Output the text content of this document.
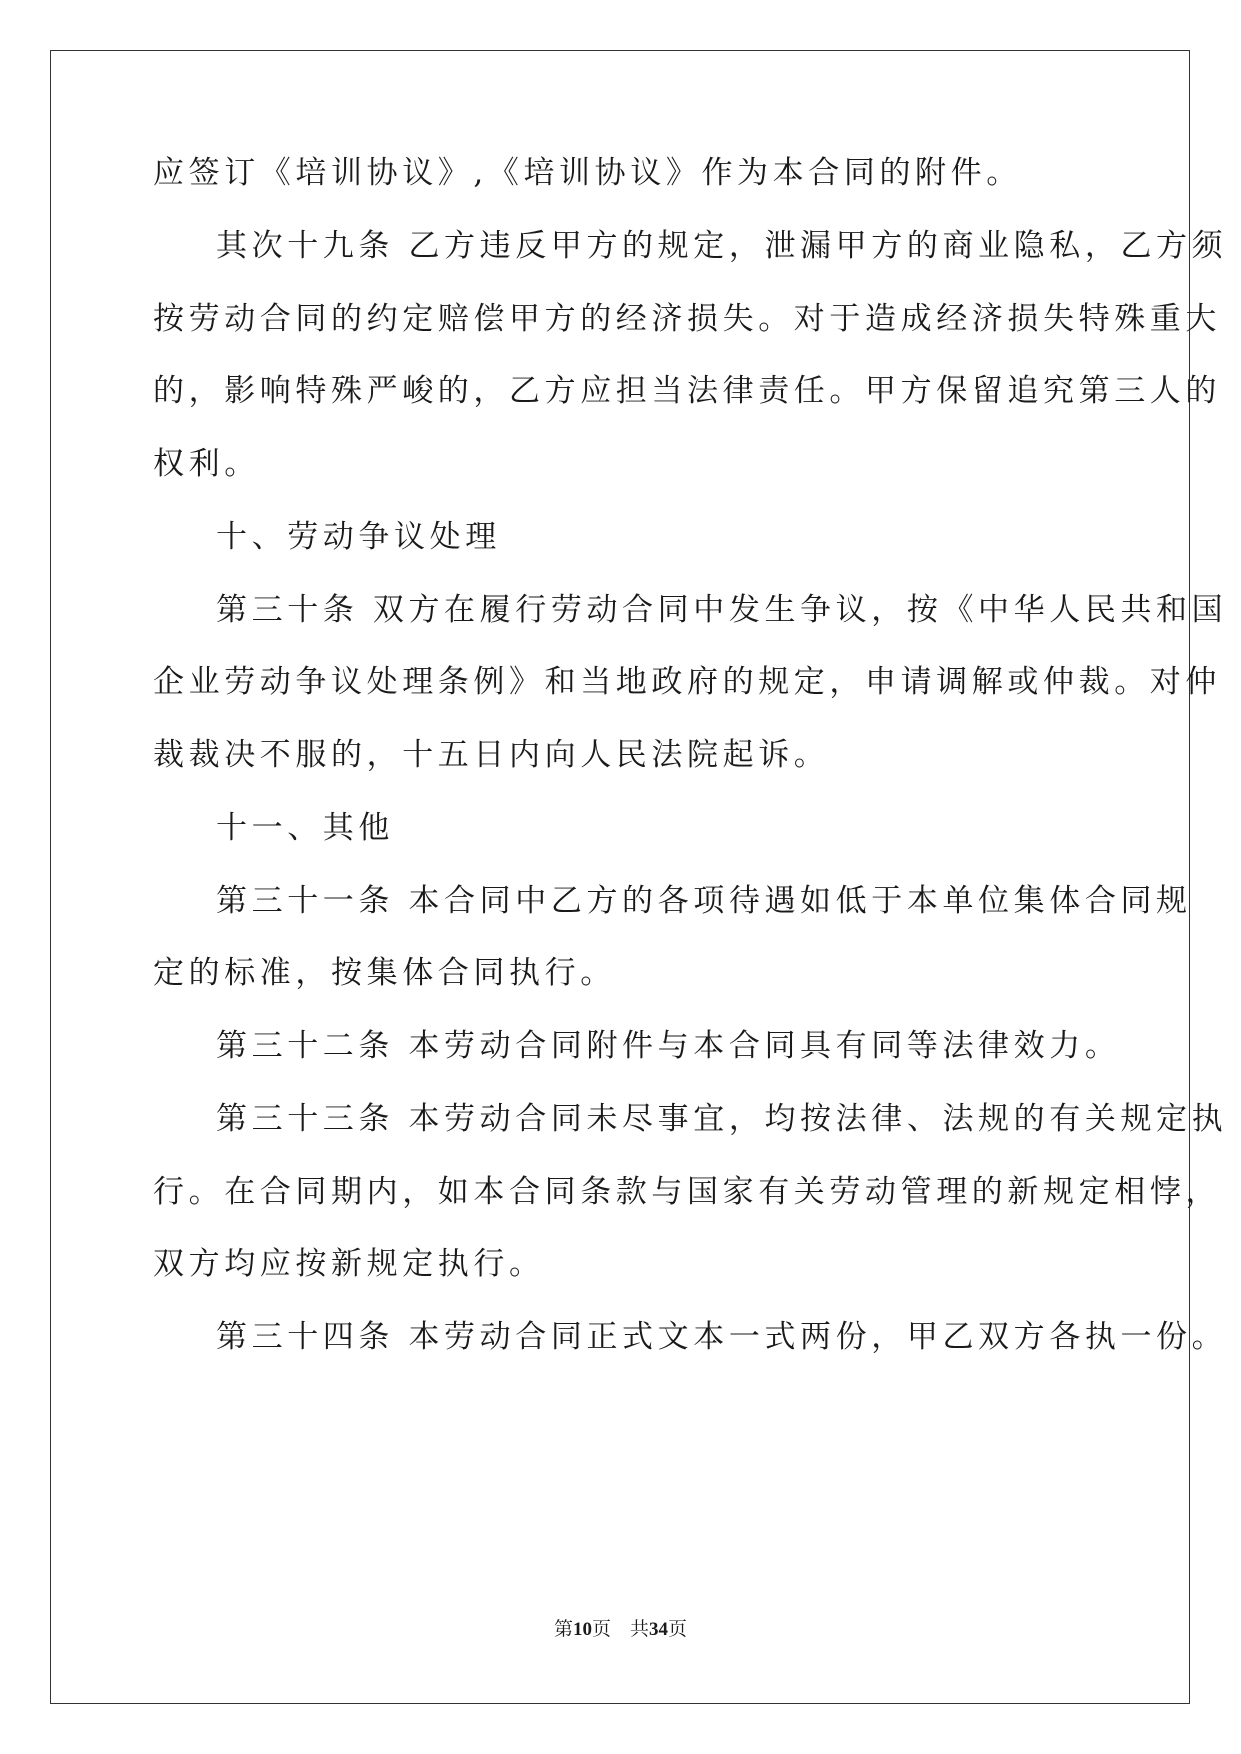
应签订《培训协议》,《培训协议》作为本合同的附件。
其次十九条 乙方违反甲方的规定，泄漏甲方的商业隐私，乙方须
按劳动合同的约定赔偿甲方的经济损失。对于造成经济损失特殊重大
的，影响特殊严峻的，乙方应担当法律责任。甲方保留追究第三人的
权利。
十、劳动争议处理
第三十条 双方在履行劳动合同中发生争议，按《中华人民共和国
企业劳动争议处理条例》和当地政府的规定，申请调解或仲裁。对仲
裁裁决不服的，十五日内向人民法院起诉。
十一、其他
第三十一条 本合同中乙方的各项待遇如低于本单位集体合同规
定的标准，按集体合同执行。
第三十二条 本劳动合同附件与本合同具有同等法律效力。
第三十三条 本劳动合同未尽事宜，均按法律、法规的有关规定执
行。在合同期内，如本合同条款与国家有关劳动管理的新规定相悖，
双方均应按新规定执行。
第三十四条 本劳动合同正式文本一式两份，甲乙双方各执一份。
第10页　共34页
